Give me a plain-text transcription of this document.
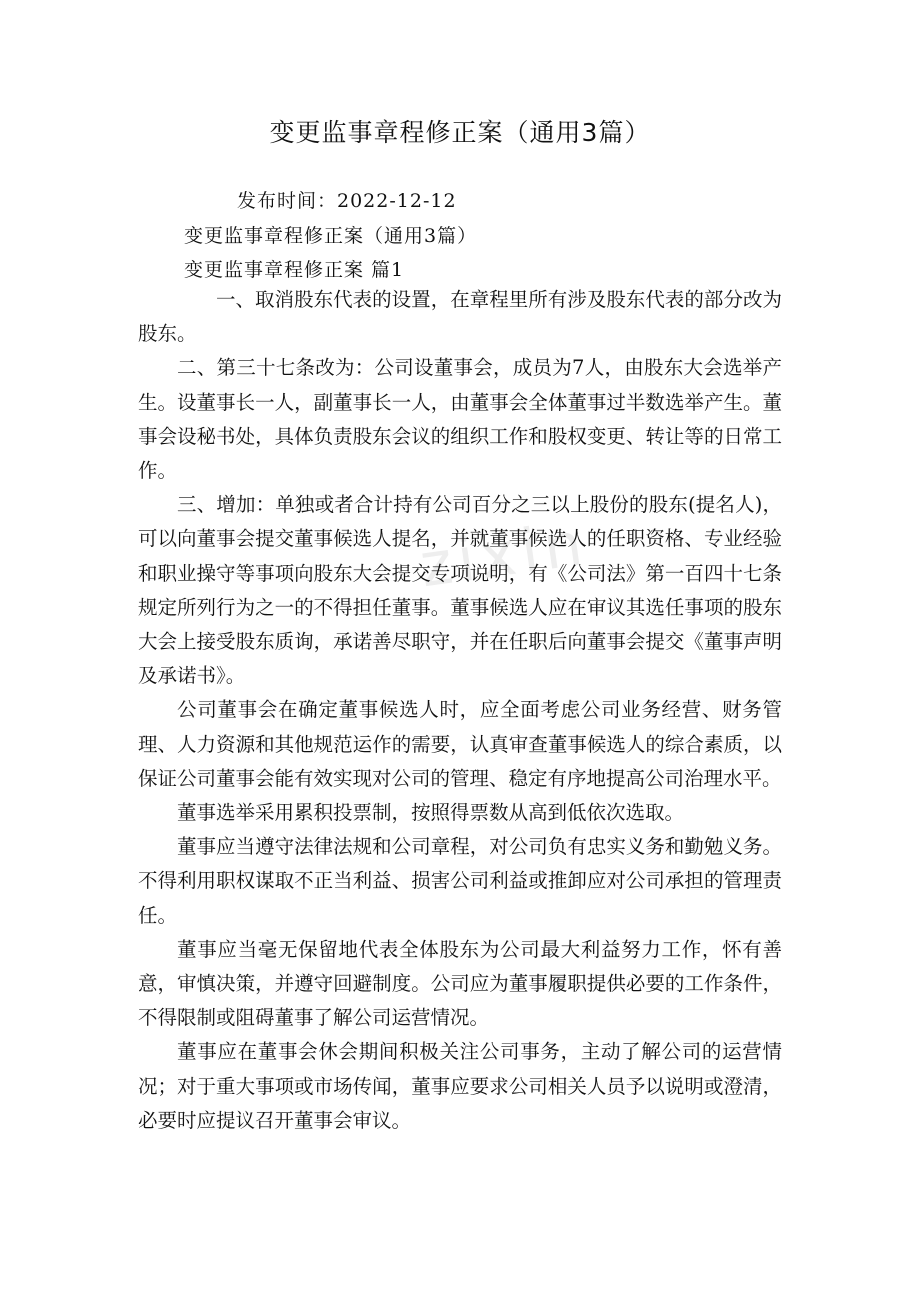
zixin
变更监事章程修正案（通用3篇）
发布时间：2022-12-12
变更监事章程修正案（通用3篇）
变更监事章程修正案 篇1

一、取消股东代表的设置，在章程里所有涉及股东代表的部分改为股东。

二、第三十七条改为：公司设董事会，成员为7人，由股东大会选举产生。设董事长一人，副董事长一人，由董事会全体董事过半数选举产生。董事会设秘书处，具体负责股东会议的组织工作和股权变更、转让等的日常工作。

三、增加：单独或者合计持有公司百分之三以上股份的股东(提名人)，可以向董事会提交董事候选人提名，并就董事候选人的任职资格、专业经验和职业操守等事项向股东大会提交专项说明，有《公司法》第一百四十七条规定所列行为之一的不得担任董事。董事候选人应在审议其选任事项的股东大会上接受股东质询，承诺善尽职守，并在任职后向董事会提交《董事声明及承诺书》。

公司董事会在确定董事候选人时，应全面考虑公司业务经营、财务管理、人力资源和其他规范运作的需要，认真审查董事候选人的综合素质，以保证公司董事会能有效实现对公司的管理、稳定有序地提高公司治理水平。

董事选举采用累积投票制，按照得票数从高到低依次选取。

董事应当遵守法律法规和公司章程，对公司负有忠实义务和勤勉义务。不得利用职权谋取不正当利益、损害公司利益或推卸应对公司承担的管理责任。

董事应当毫无保留地代表全体股东为公司最大利益努力工作，怀有善意，审慎决策，并遵守回避制度。公司应为董事履职提供必要的工作条件，不得限制或阻碍董事了解公司运营情况。

董事应在董事会休会期间积极关注公司事务，主动了解公司的运营情况；对于重大事项或市场传闻，董事应要求公司相关人员予以说明或澄清，必要时应提议召开董事会审议。
